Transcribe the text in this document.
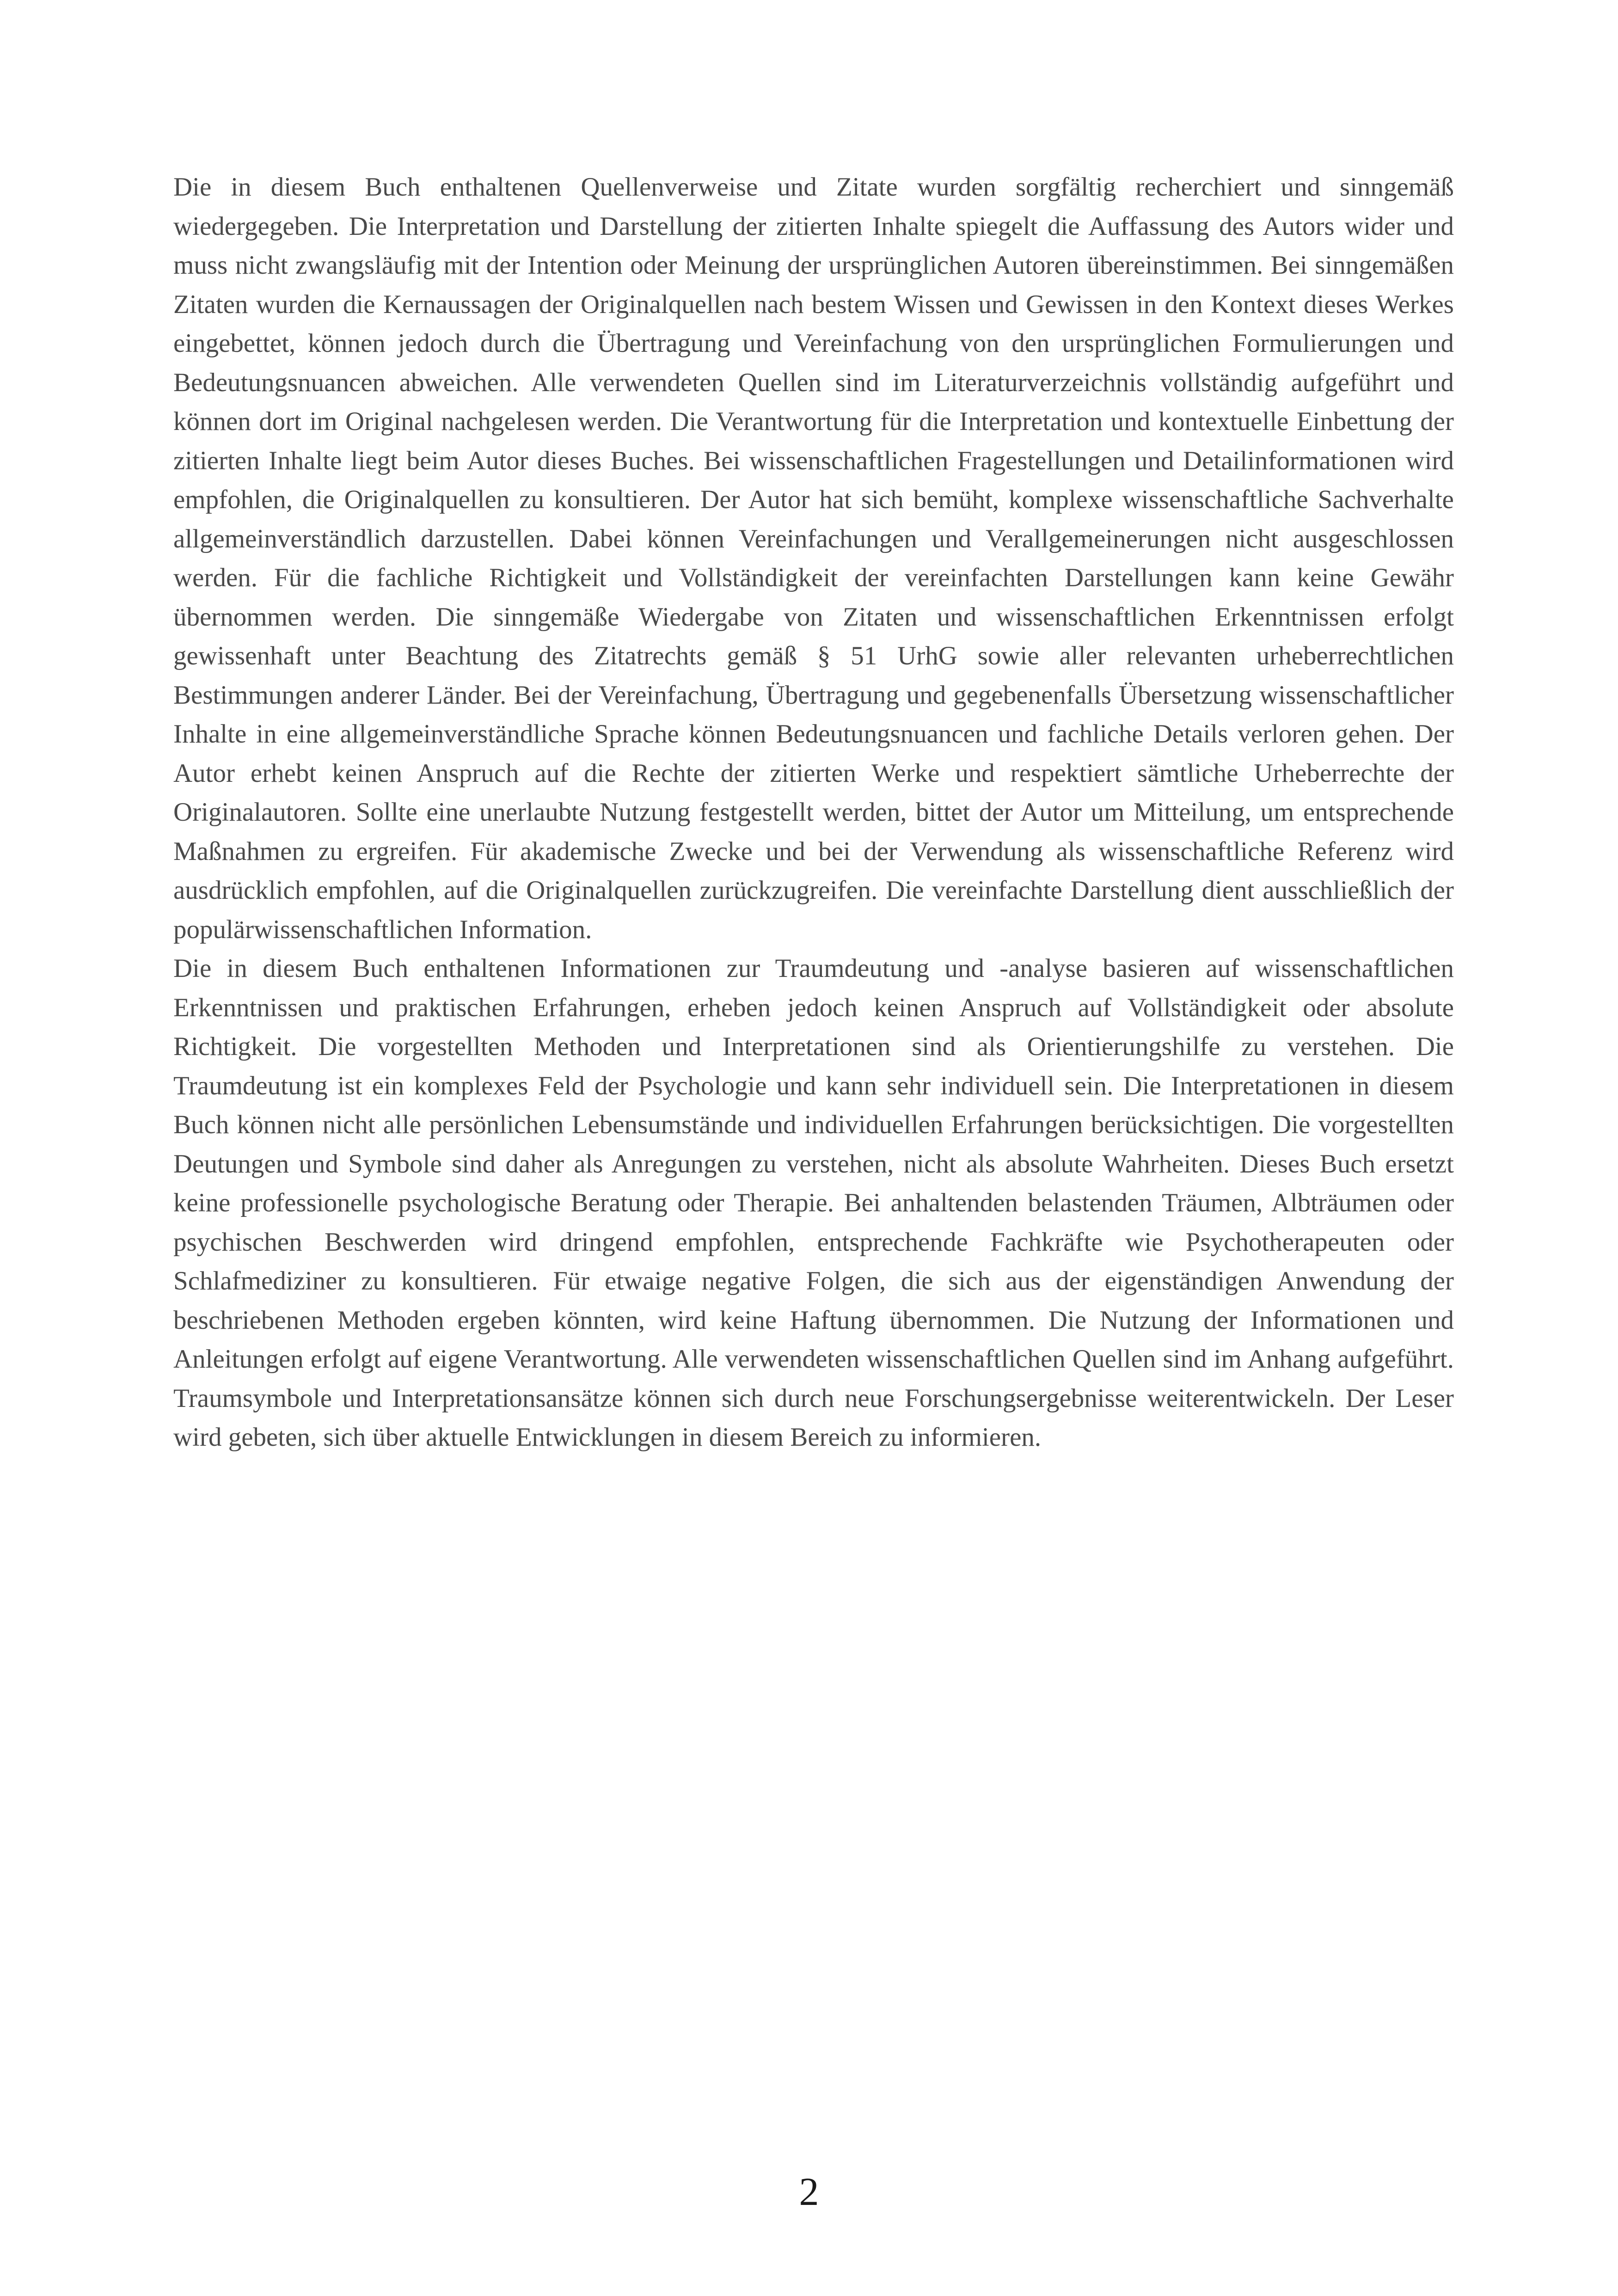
Die in diesem Buch enthaltenen Quellenverweise und Zitate wurden sorgfältig recherchiert und sinngemäß wiedergegeben. Die Interpretation und Darstellung der zitierten Inhalte spiegelt die Auffassung des Autors wider und muss nicht zwangsläufig mit der Intention oder Meinung der ursprünglichen Autoren übereinstimmen. Bei sinngemäßen Zitaten wurden die Kernaussagen der Originalquellen nach bestem Wissen und Gewissen in den Kontext dieses Werkes eingebettet, können jedoch durch die Übertragung und Vereinfachung von den ursprünglichen Formulierungen und Bedeutungsnuancen abweichen. Alle verwendeten Quellen sind im Literaturverzeichnis vollständig aufgeführt und können dort im Original nachgelesen werden. Die Verantwortung für die Interpretation und kontextuelle Einbettung der zitierten Inhalte liegt beim Autor dieses Buches. Bei wissenschaftlichen Fragestellungen und Detailinformationen wird empfohlen, die Originalquellen zu konsultieren. Der Autor hat sich bemüht, komplexe wissenschaftliche Sachverhalte allgemeinverständlich darzustellen. Dabei können Vereinfachungen und Verallgemeinerungen nicht ausgeschlossen werden. Für die fachliche Richtigkeit und Vollständigkeit der vereinfachten Darstellungen kann keine Gewähr übernommen werden. Die sinngemäße Wiedergabe von Zitaten und wissenschaftlichen Erkenntnissen erfolgt gewissenhaft unter Beachtung des Zitatrechts gemäß § 51 UrhG sowie aller relevanten urheberrechtlichen Bestimmungen anderer Länder. Bei der Vereinfachung, Übertragung und gegebenenfalls Übersetzung wissenschaftlicher Inhalte in eine allgemeinverständliche Sprache können Bedeutungsnuancen und fachliche Details verloren gehen. Der Autor erhebt keinen Anspruch auf die Rechte der zitierten Werke und respektiert sämtliche Urheberrechte der Originalautoren. Sollte eine unerlaubte Nutzung festgestellt werden, bittet der Autor um Mitteilung, um entsprechende Maßnahmen zu ergreifen. Für akademische Zwecke und bei der Verwendung als wissenschaftliche Referenz wird ausdrücklich empfohlen, auf die Originalquellen zurückzugreifen. Die vereinfachte Darstellung dient ausschließlich der populärwissenschaftlichen Information.

Die in diesem Buch enthaltenen Informationen zur Traumdeutung und -analyse basieren auf wissenschaftlichen Erkenntnissen und praktischen Erfahrungen, erheben jedoch keinen Anspruch auf Vollständigkeit oder absolute Richtigkeit. Die vorgestellten Methoden und Interpretationen sind als Orientierungshilfe zu verstehen. Die Traumdeutung ist ein komplexes Feld der Psychologie und kann sehr individuell sein. Die Interpretationen in diesem Buch können nicht alle persönlichen Lebensumstände und individuellen Erfahrungen berücksichtigen. Die vorgestellten Deutungen und Symbole sind daher als Anregungen zu verstehen, nicht als absolute Wahrheiten. Dieses Buch ersetzt keine professionelle psychologische Beratung oder Therapie. Bei anhaltenden belastenden Träumen, Albträumen oder psychischen Beschwerden wird dringend empfohlen, entsprechende Fachkräfte wie Psychotherapeuten oder Schlafmediziner zu konsultieren. Für etwaige negative Folgen, die sich aus der eigenständigen Anwendung der beschriebenen Methoden ergeben könnten, wird keine Haftung übernommen. Die Nutzung der Informationen und Anleitungen erfolgt auf eigene Verantwortung. Alle verwendeten wissenschaftlichen Quellen sind im Anhang aufgeführt. Traumsymbole und Interpretationsansätze können sich durch neue Forschungsergebnisse weiterentwickeln. Der Leser wird gebeten, sich über aktuelle Entwicklungen in diesem Bereich zu informieren.

2
